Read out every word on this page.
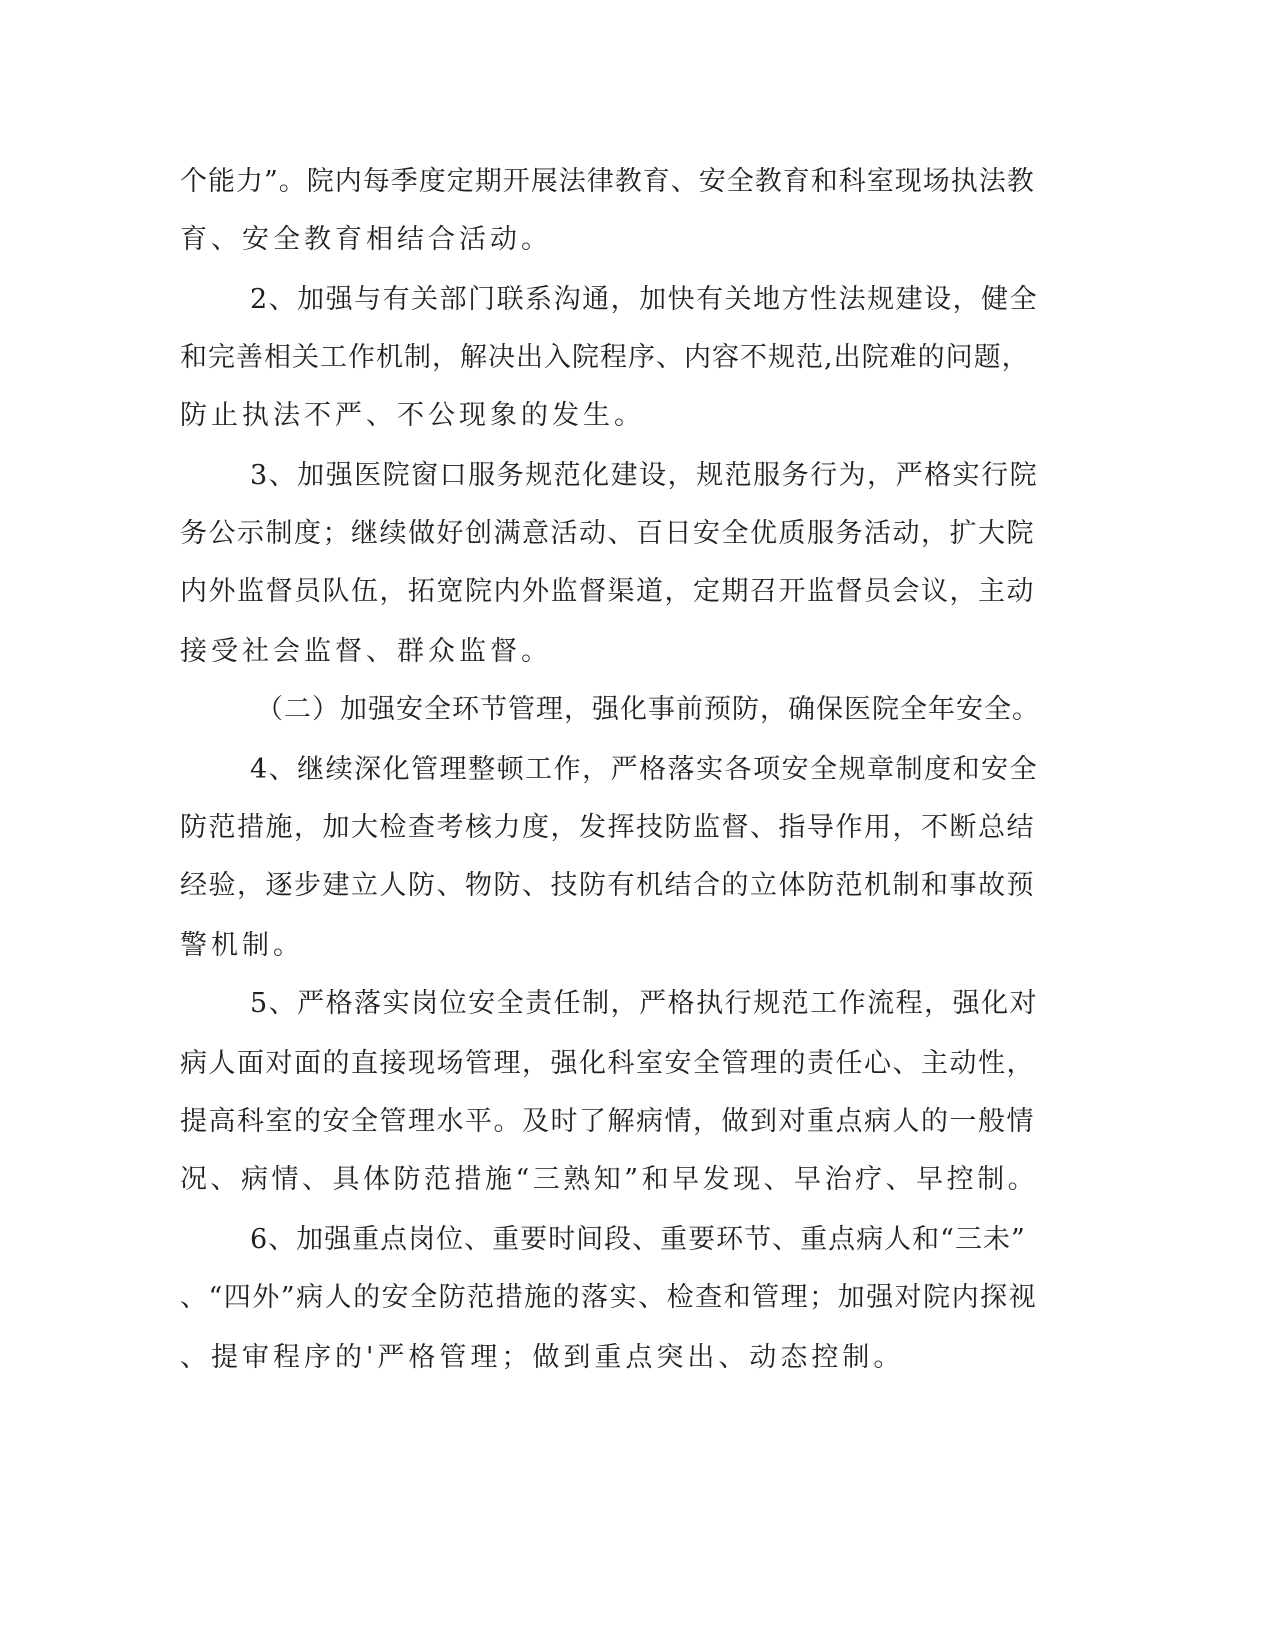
个能力”。院内每季度定期开展法律教育、安全教育和科室现场执法教

育、安全教育相结合活动。

2、加强与有关部门联系沟通，加快有关地方性法规建设，健全

和完善相关工作机制，解决出入院程序、内容不规范,出院难的问题，

防止执法不严、不公现象的发生。

3、加强医院窗口服务规范化建设，规范服务行为，严格实行院

务公示制度；继续做好创满意活动、百日安全优质服务活动，扩大院

内外监督员队伍，拓宽院内外监督渠道，定期召开监督员会议，主动

接受社会监督、群众监督。

（二）加强安全环节管理，强化事前预防，确保医院全年安全。

4、继续深化管理整顿工作，严格落实各项安全规章制度和安全

防范措施，加大检查考核力度，发挥技防监督、指导作用，不断总结

经验，逐步建立人防、物防、技防有机结合的立体防范机制和事故预

警机制。

5、严格落实岗位安全责任制，严格执行规范工作流程，强化对

病人面对面的直接现场管理，强化科室安全管理的责任心、主动性，

提高科室的安全管理水平。及时了解病情，做到对重点病人的一般情

况、病情、具体防范措施“三熟知”和早发现、早治疗、早控制。

6、加强重点岗位、重要时间段、重要环节、重点病人和“三未”

、“四外”病人的安全防范措施的落实、检查和管理；加强对院内探视

、提审程序的'严格管理；做到重点突出、动态控制。
